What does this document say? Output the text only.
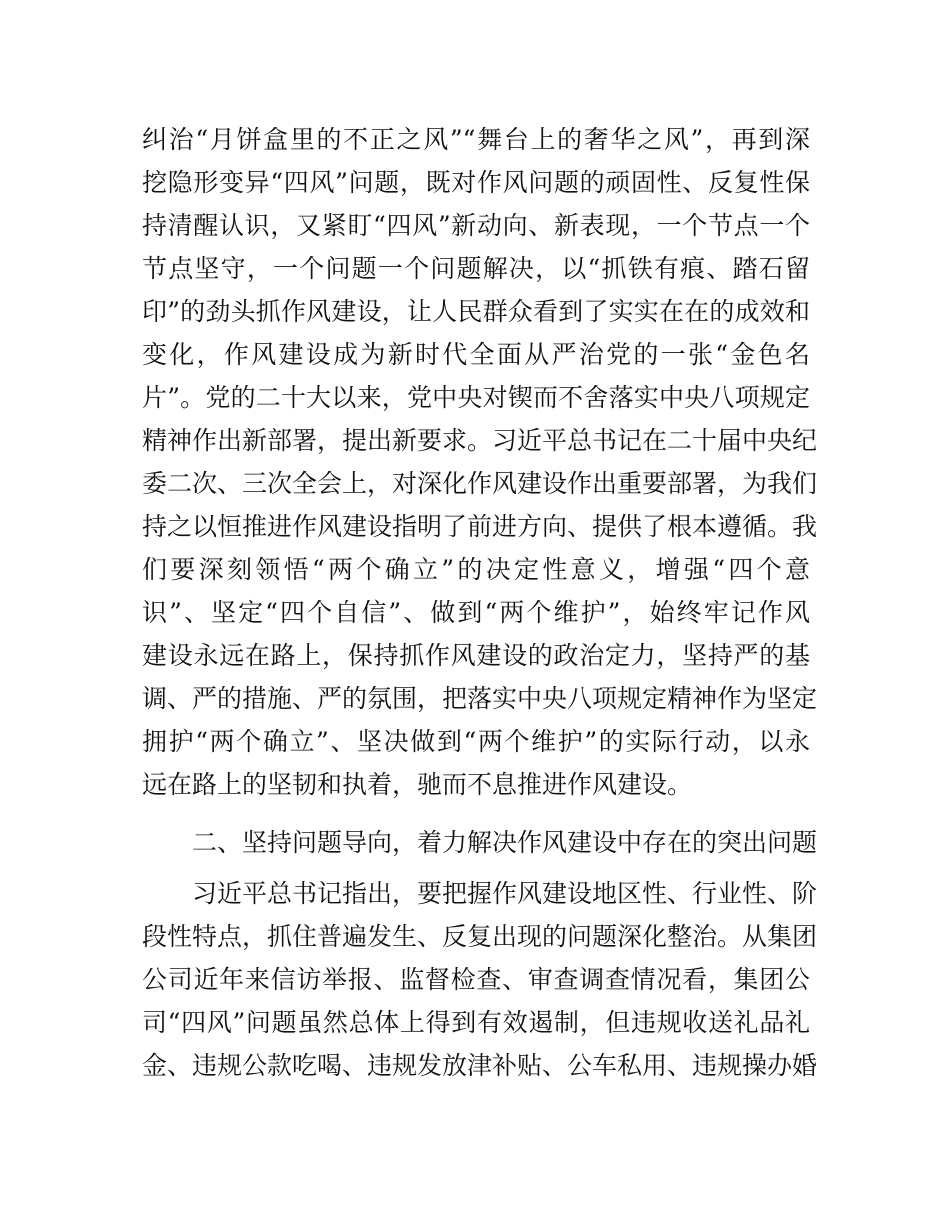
纠治“月饼盒里的不正之风”“舞台上的奢华之风”，再到深
挖隐形变异“四风”问题，既对作风问题的顽固性、反复性保
持清醒认识，又紧盯“四风”新动向、新表现，一个节点一个
节点坚守，一个问题一个问题解决，以“抓铁有痕、踏石留
印”的劲头抓作风建设，让人民群众看到了实实在在的成效和
变化，作风建设成为新时代全面从严治党的一张“金色名
片”。党的二十大以来，党中央对锲而不舍落实中央八项规定
精神作出新部署，提出新要求。习近平总书记在二十届中央纪
委二次、三次全会上，对深化作风建设作出重要部署，为我们
持之以恒推进作风建设指明了前进方向、提供了根本遵循。我
们要深刻领悟“两个确立”的决定性意义，增强“四个意
识”、坚定“四个自信”、做到“两个维护”，始终牢记作风
建设永远在路上，保持抓作风建设的政治定力，坚持严的基
调、严的措施、严的氛围，把落实中央八项规定精神作为坚定
拥护“两个确立”、坚决做到“两个维护”的实际行动，以永
远在路上的坚韧和执着，驰而不息推进作风建设。
二、坚持问题导向，着力解决作风建设中存在的突出问题
习近平总书记指出，要把握作风建设地区性、行业性、阶
段性特点，抓住普遍发生、反复出现的问题深化整治。从集团
公司近年来信访举报、监督检查、审查调查情况看，集团公
司“四风”问题虽然总体上得到有效遏制，但违规收送礼品礼
金、违规公款吃喝、违规发放津补贴、公车私用、违规操办婚
